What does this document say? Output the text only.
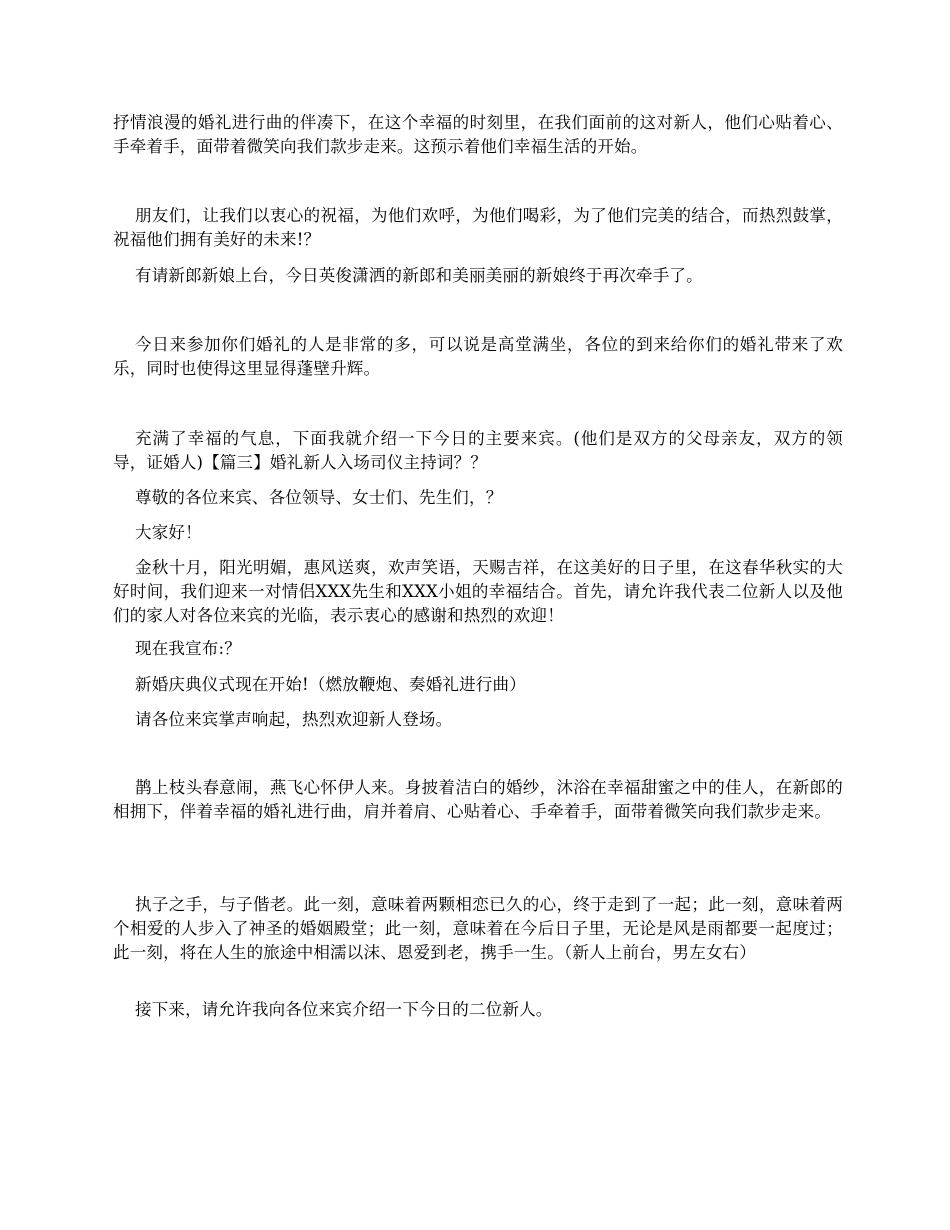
抒情浪漫的婚礼进行曲的伴凑下，在这个幸福的时刻里，在我们面前的这对新人，他们心贴着心、手牵着手，面带着微笑向我们款步走来。这预示着他们幸福生活的开始。

朋友们，让我们以衷心的祝福，为他们欢呼，为他们喝彩，为了他们完美的结合，而热烈鼓掌，祝福他们拥有美好的未来!？

有请新郎新娘上台，今日英俊潇洒的新郎和美丽美丽的新娘终于再次牵手了。

今日来参加你们婚礼的人是非常的多，可以说是高堂满坐，各位的到来给你们的婚礼带来了欢乐，同时也使得这里显得蓬壁升辉。

充满了幸福的气息，下面我就介绍一下今日的主要来宾。(他们是双方的父母亲友，双方的领导，证婚人)【篇三】婚礼新人入场司仪主持词？？

尊敬的各位来宾、各位领导、女士们、先生们，？

大家好！

金秋十月，阳光明媚，惠风送爽，欢声笑语，天赐吉祥，在这美好的日子里，在这春华秋实的大好时间，我们迎来一对情侣XXX先生和XXX小姐的幸福结合。首先，请允许我代表二位新人以及他们的家人对各位来宾的光临，表示衷心的感谢和热烈的欢迎！

现在我宣布:？

新婚庆典仪式现在开始!（燃放鞭炮、奏婚礼进行曲）

请各位来宾掌声响起，热烈欢迎新人登场。

鹊上枝头春意闹，燕飞心怀伊人来。身披着洁白的婚纱，沐浴在幸福甜蜜之中的佳人，在新郎的相拥下，伴着幸福的婚礼进行曲，肩并着肩、心贴着心、手牵着手，面带着微笑向我们款步走来。

执子之手，与子偕老。此一刻，意味着两颗相恋已久的心，终于走到了一起；此一刻，意味着两个相爱的人步入了神圣的婚姻殿堂；此一刻，意味着在今后日子里，无论是风是雨都要一起度过；此一刻，将在人生的旅途中相濡以沫、恩爱到老，携手一生。（新人上前台，男左女右）

接下来，请允许我向各位来宾介绍一下今日的二位新人。
